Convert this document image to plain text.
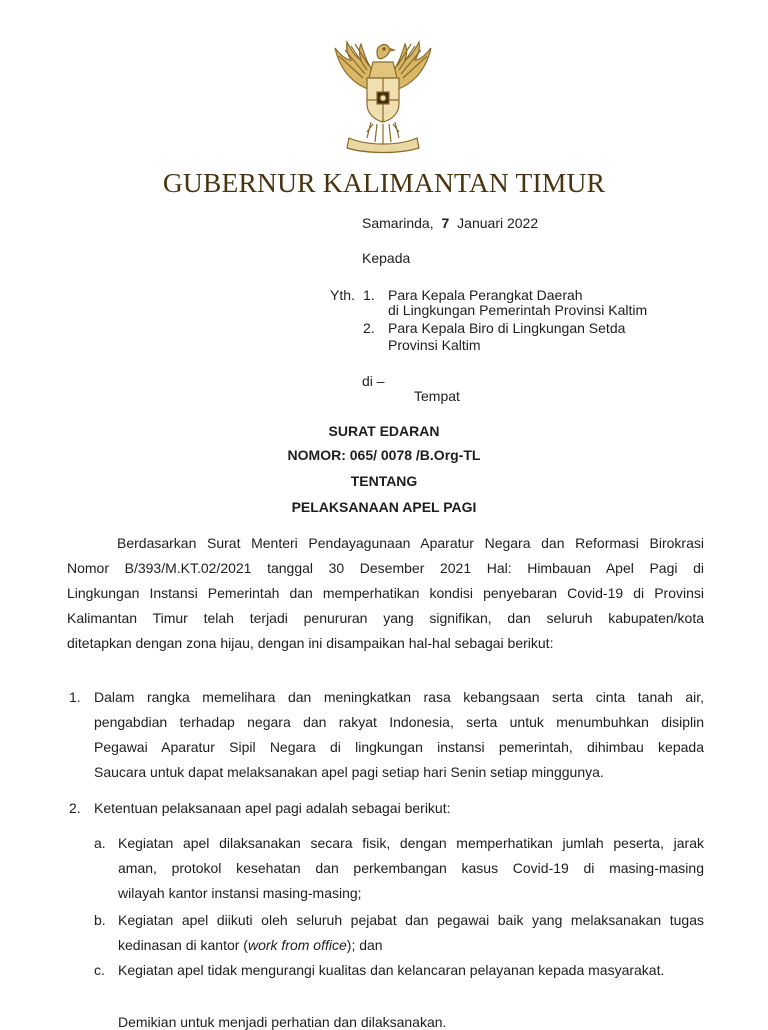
GUBERNUR KALIMANTAN TIMUR
Samarinda, 7 Januari 2022
Kepada
Yth. 1. Para Kepala Perangkat Daerah
di Lingkungan Pemerintah Provinsi Kaltim
2. Para Kepala Biro di Lingkungan Setda
Provinsi Kaltim
di –
Tempat
SURAT EDARAN
NOMOR: 065/ 0078 /B.Org-TL
TENTANG
PELAKSANAAN APEL PAGI
Berdasarkan Surat Menteri Pendayagunaan Aparatur Negara dan Reformasi Birokrasi
Nomor B/393/M.KT.02/2021 tanggal 30 Desember 2021 Hal: Himbauan Apel Pagi di
Lingkungan Instansi Pemerintah dan memperhatikan kondisi penyebaran Covid-19 di Provinsi
Kalimantan Timur telah terjadi penururan yang signifikan, dan seluruh kabupaten/kota
ditetapkan dengan zona hijau, dengan ini disampaikan hal-hal sebagai berikut:
1. Dalam rangka memelihara dan meningkatkan rasa kebangsaan serta cinta tanah air,
pengabdian terhadap negara dan rakyat Indonesia, serta untuk menumbuhkan disiplin
Pegawai Aparatur Sipil Negara di lingkungan instansi pemerintah, dihimbau kepada
Saucara untuk dapat melaksanakan apel pagi setiap hari Senin setiap minggunya.
2. Ketentuan pelaksanaan apel pagi adalah sebagai berikut:
a. Kegiatan apel dilaksanakan secara fisik, dengan memperhatikan jumlah peserta, jarak
aman, protokol kesehatan dan perkembangan kasus Covid-19 di masing-masing
wilayah kantor instansi masing-masing;
b. Kegiatan apel diikuti oleh seluruh pejabat dan pegawai baik yang melaksanakan tugas
kedinasan di kantor (work from office); dan
c. Kegiatan apel tidak mengurangi kualitas dan kelancaran pelayanan kepada masyarakat.
Demikian untuk menjadi perhatian dan dilaksanakan.
